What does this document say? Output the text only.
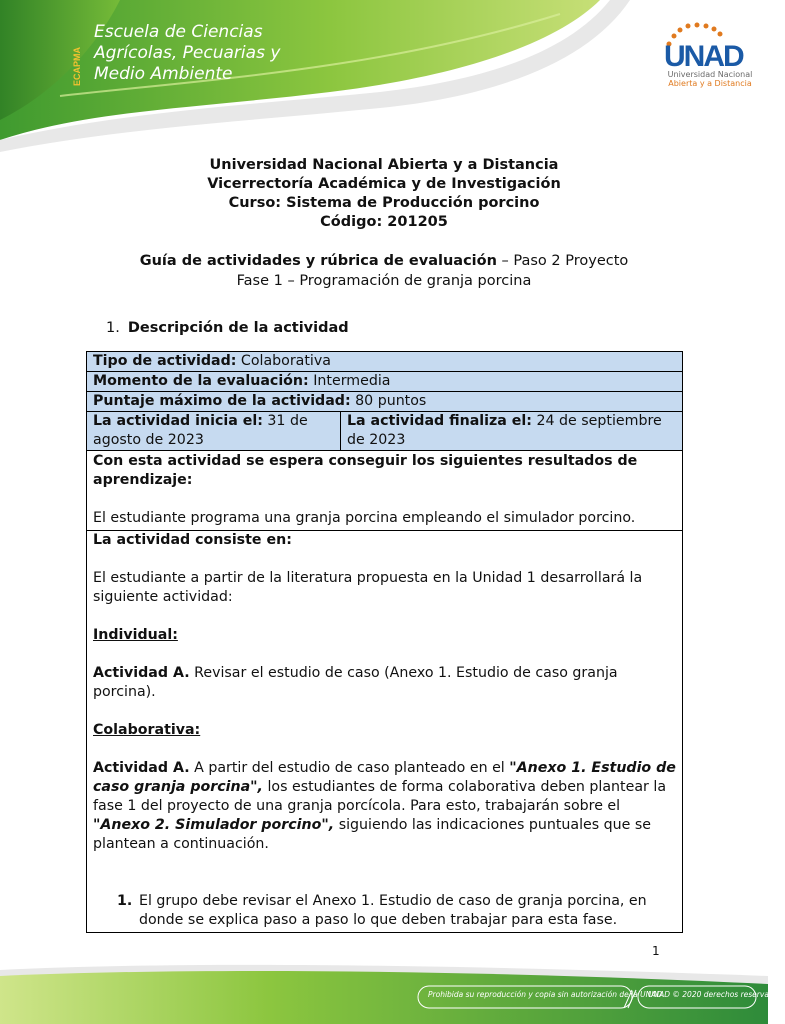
ECAPMA
Escuela de Ciencias
Agrícolas, Pecuarias y
Medio Ambiente
UNAD
Universidad Nacional
Abierta y a Distancia
Universidad Nacional Abierta y a Distancia
Vicerrectoría Académica y de Investigación
Curso: Sistema de Producción porcino
Código: 201205
Guía de actividades y rúbrica de evaluación – Paso 2 Proyecto
Fase 1 – Programación de granja porcina
1. Descripción de la actividad
Tipo de actividad: Colaborativa
Momento de la evaluación: Intermedia
Puntaje máximo de la actividad: 80 puntos
La actividad inicia el: 31 de agosto de 2023
La actividad finaliza el: 24 de septiembre de 2023
Con esta actividad se espera conseguir los siguientes resultados de aprendizaje:
El estudiante programa una granja porcina empleando el simulador porcino.
La actividad consiste en:
El estudiante a partir de la literatura propuesta en la Unidad 1 desarrollará la siguiente actividad:
Individual:
Actividad A. Revisar el estudio de caso (Anexo 1. Estudio de caso granja porcina).
Colaborativa:
Actividad A. A partir del estudio de caso planteado en el "Anexo 1. Estudio de caso granja porcina", los estudiantes de forma colaborativa deben plantear la fase 1 del proyecto de una granja porcícola. Para esto, trabajarán sobre el "Anexo 2. Simulador porcino", siguiendo las indicaciones puntuales que se plantean a continuación.
1. El grupo debe revisar el Anexo 1. Estudio de caso de granja porcina, en donde se explica paso a paso lo que deben trabajar para esta fase.
1
Prohibida su reproducción y copia sin autorización de la UNAD.
UNAD © 2020 derechos reservados.
